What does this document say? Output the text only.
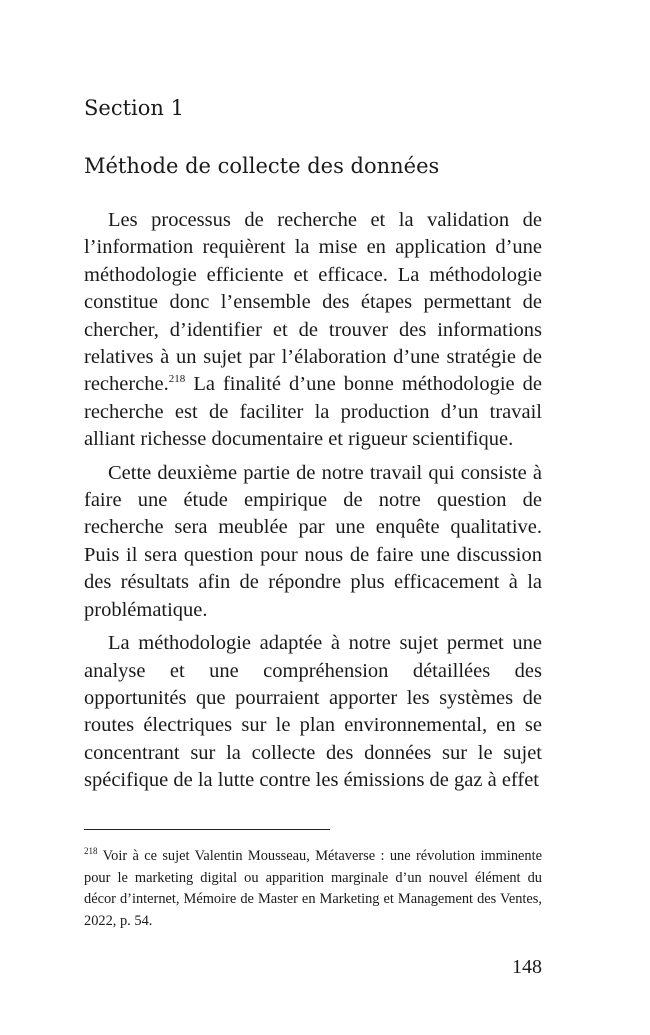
Section 1
Méthode de collecte des données

Les processus de recherche et la validation de l’information requièrent la mise en application d’une méthodologie efficiente et efficace. La méthodologie constitue donc l’ensemble des étapes permettant de chercher, d’identifier et de trouver des informations relatives à un sujet par l’élaboration d’une stratégie de recherche.$^{218}$ La finalité d’une bonne méthodologie de recherche est de faciliter la production d’un travail alliant richesse documentaire et rigueur scientifique.

Cette deuxième partie de notre travail qui consiste à faire une étude empirique de notre question de recherche sera meublée par une enquête qualitative. Puis il sera question pour nous de faire une discussion des résultats afin de répondre plus efficacement à la problématique.

La méthodologie adaptée à notre sujet permet une analyse et une compréhension détaillées des opportunités que pourraient apporter les systèmes de routes électriques sur le plan environnemental, en se concentrant sur la collecte des données sur le sujet spécifique de la lutte contre les émissions de gaz à effet

$^{218}$ Voir à ce sujet Valentin Mousseau, Métaverse : une révolution imminente pour le marketing digital ou apparition marginale d’un nouvel élément du décor d’internet, Mémoire de Master en Marketing et Management des Ventes, 2022, p. 54.

148
